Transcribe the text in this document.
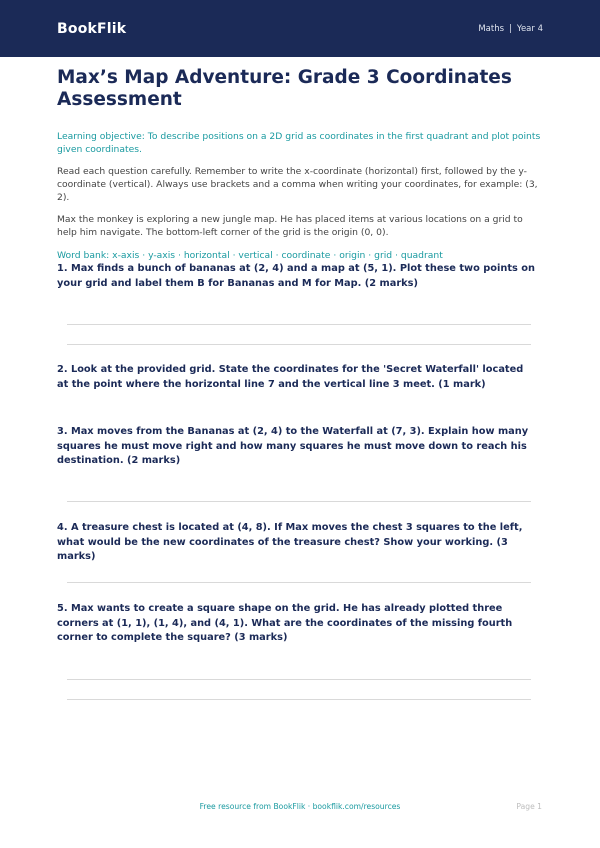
BookFlik	Maths | Year 4
Max’s Map Adventure: Grade 3 Coordinates Assessment

Learning objective: To describe positions on a 2D grid as coordinates in the first quadrant and plot points given coordinates.

Read each question carefully. Remember to write the x-coordinate (horizontal) first, followed by the y-coordinate (vertical). Always use brackets and a comma when writing your coordinates, for example: (3, 2).

Max the monkey is exploring a new jungle map. He has placed items at various locations on a grid to help him navigate. The bottom-left corner of the grid is the origin (0, 0).

Word bank: x-axis · y-axis · horizontal · vertical · coordinate · origin · grid · quadrant

1. Max finds a bunch of bananas at (2, 4) and a map at (5, 1). Plot these two points on your grid and label them B for Bananas and M for Map. (2 marks)

2. Look at the provided grid. State the coordinates for the 'Secret Waterfall' located at the point where the horizontal line 7 and the vertical line 3 meet. (1 mark)

3. Max moves from the Bananas at (2, 4) to the Waterfall at (7, 3). Explain how many squares he must move right and how many squares he must move down to reach his destination. (2 marks)

4. A treasure chest is located at (4, 8). If Max moves the chest 3 squares to the left, what would be the new coordinates of the treasure chest? Show your working. (3 marks)

5. Max wants to create a square shape on the grid. He has already plotted three corners at (1, 1), (1, 4), and (4, 1). What are the coordinates of the missing fourth corner to complete the square? (3 marks)

Free resource from BookFlik · bookflik.com/resources	Page 1
